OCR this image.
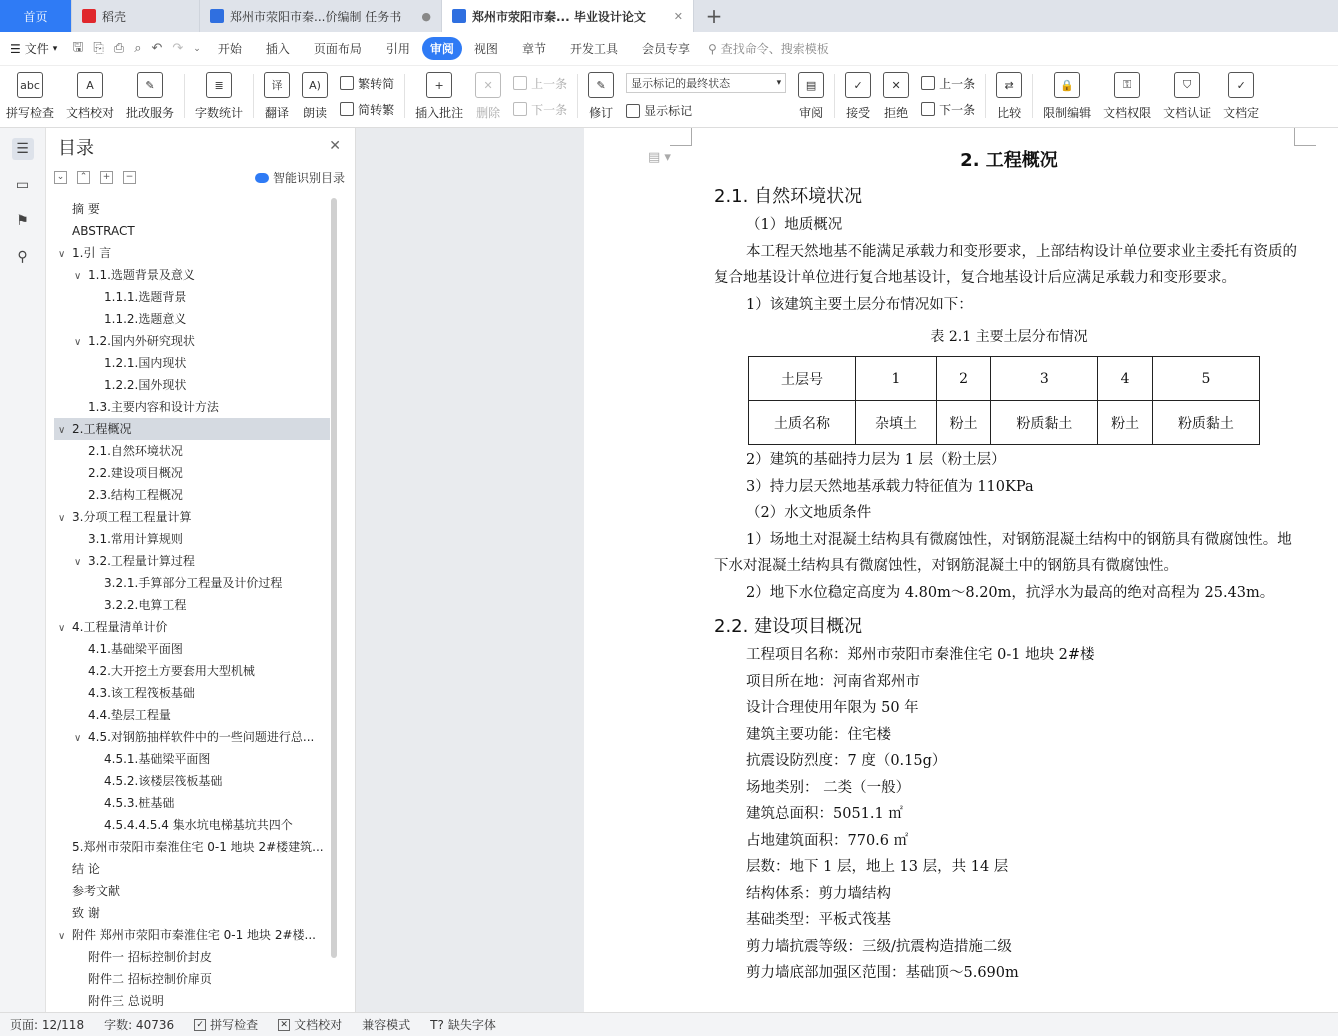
首页	稻壳	郑州市荥阳市秦...价编制 任务书 ●	郑州市荥阳市秦... 毕业设计论文	✕	+
☰ 文件 ▾	🖫 ⎘ ⎙ ⌕ ↶ ↷	⌄	开始	插入	页面布局	引用	审阅	视图	章节	开发工具	会员专享	⚲ 查找命令、搜索模板
abc
拼写检查
A
文档校对
✎
批改服务
≣
字数统计
译
翻译
A)
朗读
繁转简
简转繁
+
插入批注
✕
删除
上一条
下一条
✎
修订
显示标记的最终状态	▾
显示标记
▤
审阅
✓
接受
✕
拒绝
上一条
下一条
⇄
比较
🔒
限制编辑
⚿
文档权限
⛉
文档认证
✓
文档定
☰
▭
⚑
⚲
目录	✕
⌄	⌃	+	−	智能识别目录
摘 要
ABSTRACT
∨ 1.引 言
∨ 1.1.选题背景及意义
1.1.1.选题背景
1.1.2.选题意义
∨ 1.2.国内外研究现状
1.2.1.国内现状
1.2.2.国外现状
1.3.主要内容和设计方法
∨ 2.工程概况
2.1.自然环境状况
2.2.建设项目概况
2.3.结构工程概况
∨ 3.分项工程工程量计算
3.1.常用计算规则
∨ 3.2.工程量计算过程
3.2.1.手算部分工程量及计价过程
3.2.2.电算工程
∨ 4.工程量清单计价
4.1.基础梁平面图
4.2.大开挖土方要套用大型机械
4.3.该工程筏板基础
4.4.垫层工程量
∨ 4.5.对钢筋抽样软件中的一些问题进行总...
4.5.1.基础梁平面图
4.5.2.该楼层筏板基础
4.5.3.桩基础
4.5.4.4.5.4 集水坑电梯基坑共四个
5.郑州市荥阳市秦淮住宅 0-1 地块 2#楼建筑...
结 论
参考文献
致 谢
∨ 附件 郑州市荥阳市秦淮住宅 0-1 地块 2#楼...
附件一 招标控制价封皮
附件二 招标控制价扉页
附件三 总说明
▤ ▾	2. 工程概况
2.1. 自然环境状况

（1）地质概况

本工程天然地基不能满足承载力和变形要求，上部结构设计单位要求业主委托有资质的复合地基设计单位进行复合地基设计，复合地基设计后应满足承载力和变形要求。

1）该建筑主要土层分布情况如下：

表 2.1 主要土层分布情况
土层号	1	2	3	4	5
土质名称	杂填土	粉土	粉质黏土	粉土	粉质黏土

2）建筑的基础持力层为 1 层（粉土层）

3）持力层天然地基承载力特征值为 110KPa

（2）水文地质条件

1）场地土对混凝土结构具有微腐蚀性，对钢筋混凝土结构中的钢筋具有微腐蚀性。地下水对混凝土结构具有微腐蚀性，对钢筋混凝土中的钢筋具有微腐蚀性。

2）地下水位稳定高度为 4.80m～8.20m，抗浮水为最高的绝对高程为 25.43m。

2.2. 建设项目概况

工程项目名称：郑州市荥阳市秦淮住宅 0-1 地块 2#楼

项目所在地：河南省郑州市

设计合理使用年限为 50 年

建筑主要功能：住宅楼

抗震设防烈度：7 度（0.15g）

场地类别： 二类（一般）

建筑总面积：5051.1 ㎡

占地建筑面积：770.6 ㎡

层数：地下 1 层，地上 13 层，共 14 层

结构体系：剪力墙结构

基础类型：平板式筏基

剪力墙抗震等级：三级/抗震构造措施二级

剪力墙底部加强区范围：基础顶～5.690m

页面: 12/118	字数: 40736	✓ 拼写检查 ✕ 文档校对	兼容模式	T? 缺失字体
